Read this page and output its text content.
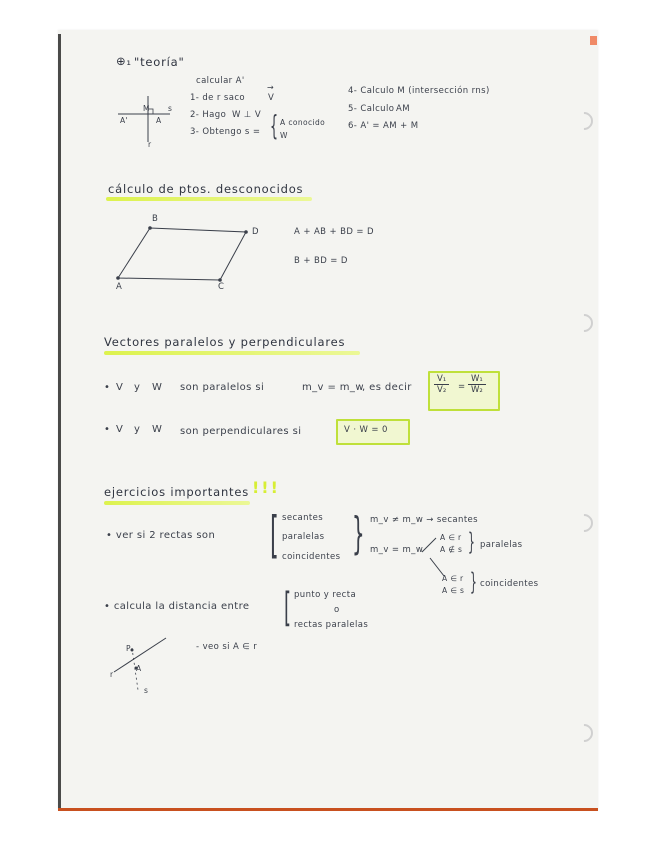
⊕₁ "teoría"
A'	A
M s
r
calcular A'
1- de r saco
→	V
2- Hago W ⊥ V
3- Obtengo s = { A conocido
W
4- Calculo M (intersección rns)
5- Calculo AM
6- A' = AM + M
cálculo de ptos. desconocidos
B
D
A	C
A + AB + BD = D
B + BD = D
Vectores paralelos y perpendiculares
• V y W son paralelos si	m_v = m_w
, es decir	$\frac{\text{V₁}}{\text{V₂}} = \frac{\text{W₁}}{\text{W₂}}$
• V y W son perpendiculares si	V · W = 0
ejercicios importantes !!!
• ver si 2 rectas son [ secantes
paralelas
coincidentes } m_v ≠ m_w → secantes
m_v = m_w
A ∈ r
A ∉ s } paralelas
A ∈ r
A ∈ s } coincidentes
• calcula la distancia entre [ punto y recta
o
rectas paralelas
P
A
r
s
- veo si A ∈ r
